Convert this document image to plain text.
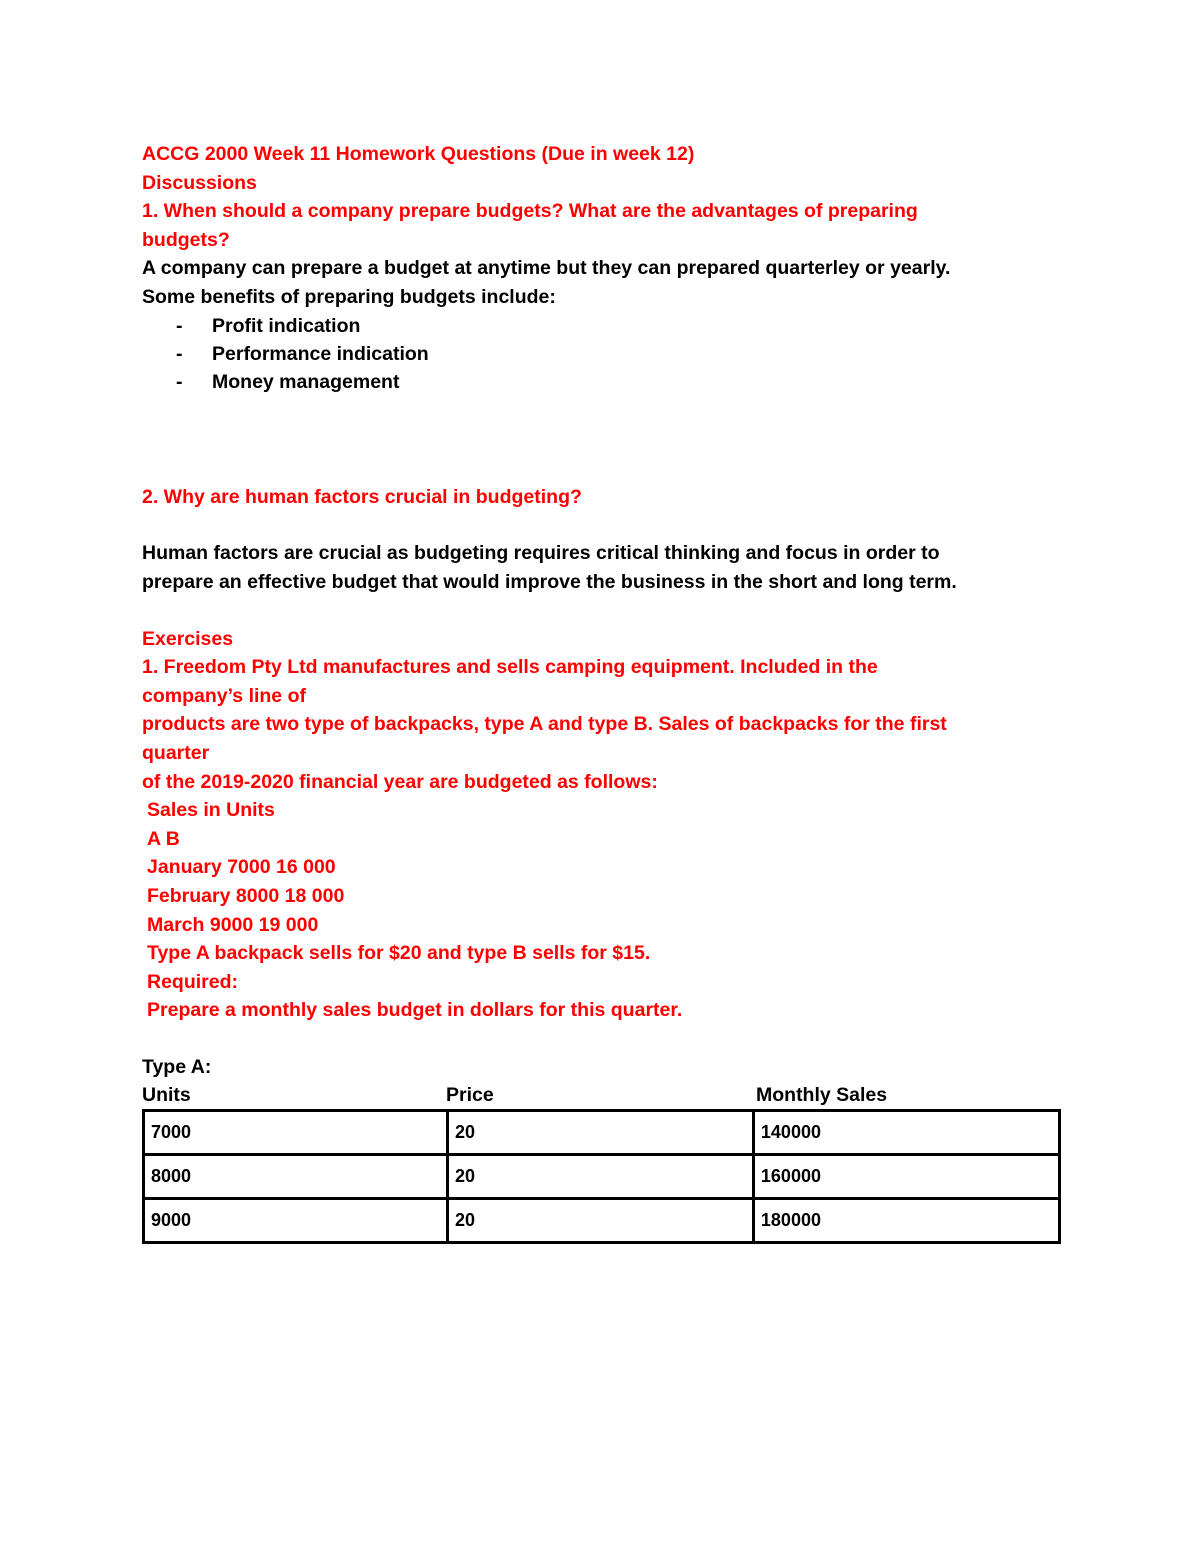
ACCG 2000 Week 11 Homework Questions (Due in week 12)
Discussions
1. When should a company prepare budgets? What are the advantages of preparing
budgets?
A company can prepare a budget at anytime but they can prepared quarterley or yearly.
Some benefits of preparing budgets include:
- Profit indication
- Performance indication
- Money management
2. Why are human factors crucial in budgeting?
Human factors are crucial as budgeting requires critical thinking and focus in order to
prepare an effective budget that would improve the business in the short and long term.
Exercises
1. Freedom Pty Ltd manufactures and sells camping equipment. Included in the
company’s line of
products are two type of backpacks, type A and type B. Sales of backpacks for the first
quarter
of the 2019-2020 financial year are budgeted as follows:
Sales in Units
A B
January 7000 16 000
February 8000 18 000
March 9000 19 000
Type A backpack sells for $20 and type B sells for $15.
Required:
Prepare a monthly sales budget in dollars for this quarter.
Type A:
Units	Price	Monthly Sales
7000	20	140000
8000	20	160000
9000	20	180000
